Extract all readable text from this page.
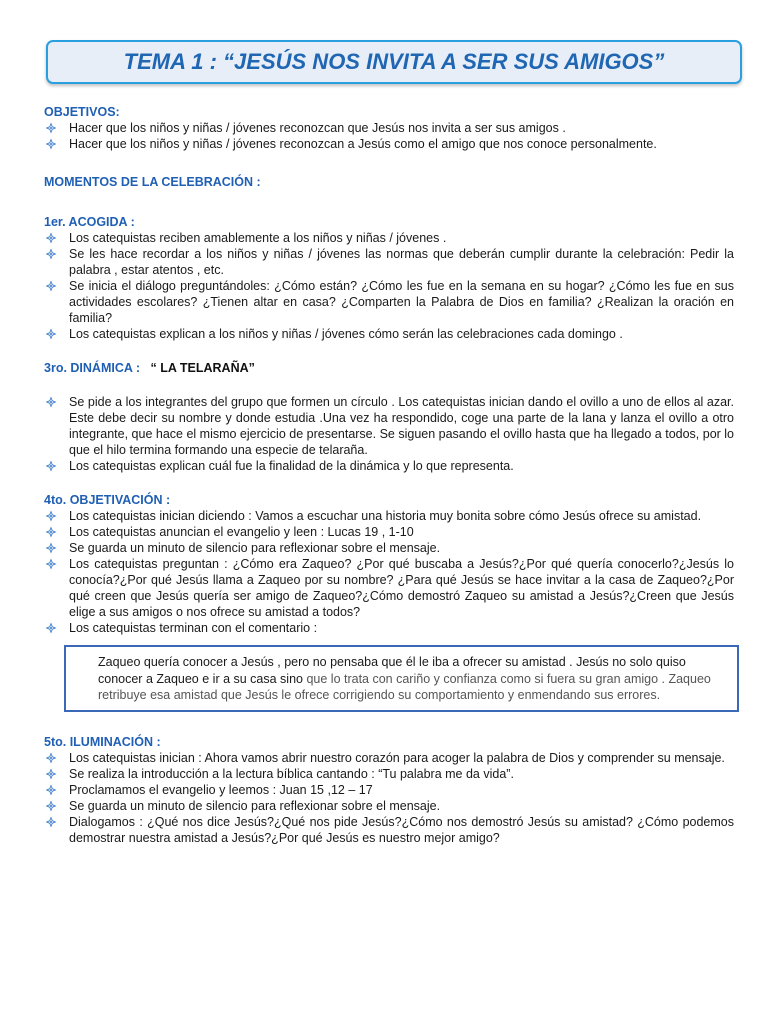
TEMA 1 : “JESÚS NOS INVITA A SER SUS AMIGOS”

OBJETIVOS:

Hacer que los niños y niñas / jóvenes reconozcan que Jesús nos invita a ser sus amigos .
Hacer que los niños y niñas / jóvenes reconozcan a Jesús como el amigo que nos conoce personalmente.

MOMENTOS DE LA CELEBRACIÓN :

1er. ACOGIDA :

Los catequistas reciben amablemente a los niños y niñas / jóvenes .
Se les hace recordar a los niños y niñas / jóvenes las normas que deberán cumplir durante la celebración: Pedir la palabra , estar atentos , etc.
Se inicia el diálogo preguntándoles: ¿Cómo están? ¿Cómo les fue en la semana en su hogar? ¿Cómo les fue en sus actividades escolares? ¿Tienen altar en casa? ¿Comparten la Palabra de Dios en familia? ¿Realizan la oración en familia?
Los catequistas explican a los niños y niñas / jóvenes cómo serán las celebraciones cada domingo .

3ro. DINÁMICA : “ LA TELARAÑA”

Se pide a los integrantes del grupo que formen un círculo . Los catequistas inician dando el ovillo a uno de ellos al azar. Este debe decir su nombre y donde estudia .Una vez ha respondido, coge una parte de la lana y lanza el ovillo a otro integrante, que hace el mismo ejercicio de presentarse. Se siguen pasando el ovillo hasta que ha llegado a todos, por lo que el hilo termina formando una especie de telaraña.
Los catequistas explican cuál fue la finalidad de la dinámica y lo que representa.

4to. OBJETIVACIÓN :

Los catequistas inician diciendo : Vamos a escuchar una historia muy bonita sobre cómo Jesús ofrece su amistad.
Los catequistas anuncian el evangelio y leen : Lucas 19 , 1-10
Se guarda un minuto de silencio para reflexionar sobre el mensaje.
Los catequistas preguntan : ¿Cómo era Zaqueo? ¿Por qué buscaba a Jesús?¿Por qué quería conocerlo?¿Jesús lo conocía?¿Por qué Jesús llama a Zaqueo por su nombre? ¿Para qué Jesús se hace invitar a la casa de Zaqueo?¿Por qué creen que Jesús quería ser amigo de Zaqueo?¿Cómo demostró Zaqueo su amistad a Jesús?¿Creen que Jesús elige a sus amigos o nos ofrece su amistad a todos?
Los catequistas terminan con el comentario :
Zaqueo quería conocer a Jesús , pero no pensaba que él le iba a ofrecer su amistad . Jesús no solo quiso conocer a Zaqueo e ir a su casa sino que lo trata con cariño y confianza como si fuera su gran amigo . Zaqueo retribuye esa amistad que Jesús le ofrece corrigiendo su comportamiento y enmendando sus errores.

5to. ILUMINACIÓN :

Los catequistas inician : Ahora vamos abrir nuestro corazón para acoger la palabra de Dios y comprender su mensaje.
Se realiza la introducción a la lectura bíblica cantando : “Tu palabra me da vida”.
Proclamamos el evangelio y leemos : Juan 15 ,12 – 17
Se guarda un minuto de silencio para reflexionar sobre el mensaje.
Dialogamos : ¿Qué nos dice Jesús?¿Qué nos pide Jesús?¿Cómo nos demostró Jesús su amistad? ¿Cómo podemos demostrar nuestra amistad a Jesús?¿Por qué Jesús es nuestro mejor amigo?
